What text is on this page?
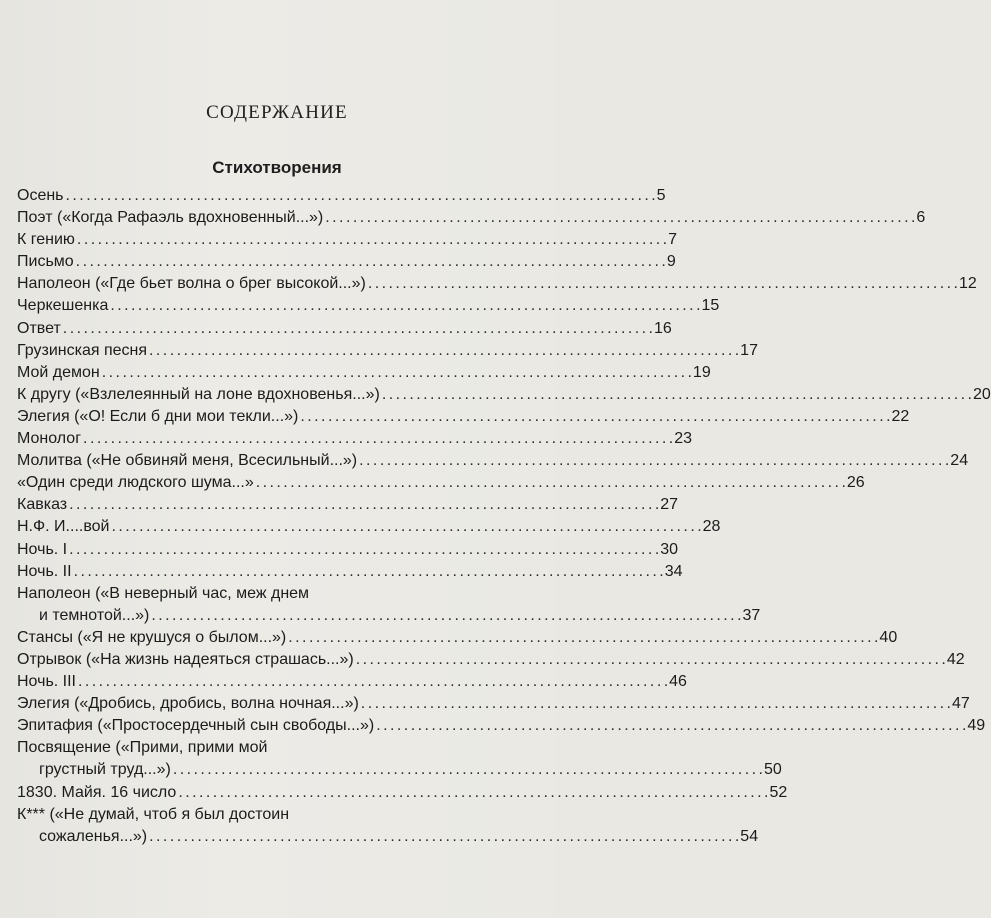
СОДЕРЖАНИЕ
Стихотворения
Осень . . .	5
Поэт («Когда Рафаэль вдохновенный...») . . .	6
К гению . . .	7
Письмо . . .	9
Наполеон («Где бьет волна о брег высокой...») . . .	12
Черкешенка . . .	15
Ответ . . .	16
Грузинская песня . . .	17
Мой демон . . .	19
К другу («Взлелеянный на лоне вдохновенья...») . . .	20
Элегия («О! Если б дни мои текли...») . . .	22
Монолог . . .	23
Молитва («Не обвиняй меня, Всесильный...») . . .	24
«Один среди людского шума...» . . .	26
Кавказ . . .	27
Н.Ф. И....вой . . .	28
Ночь. I . . .	30
Ночь. II . . .	34
Наполеон («В неверный час, меж днем
и темнотой...») . . .	37
Стансы («Я не крушуся о былом...») . . .	40
Отрывок («На жизнь надеяться страшась...») . . .	42
Ночь. III . . .	46
Элегия («Дробись, дробись, волна ночная...») . . .	47
Эпитафия («Простосердечный сын свободы...») . . .	49
Посвящение («Прими, прими мой
грустный труд...») . . .	50
1830. Майя. 16 число . . .	52
К*** («Не думай, чтоб я был достоин
сожаленья...») . . .	54
